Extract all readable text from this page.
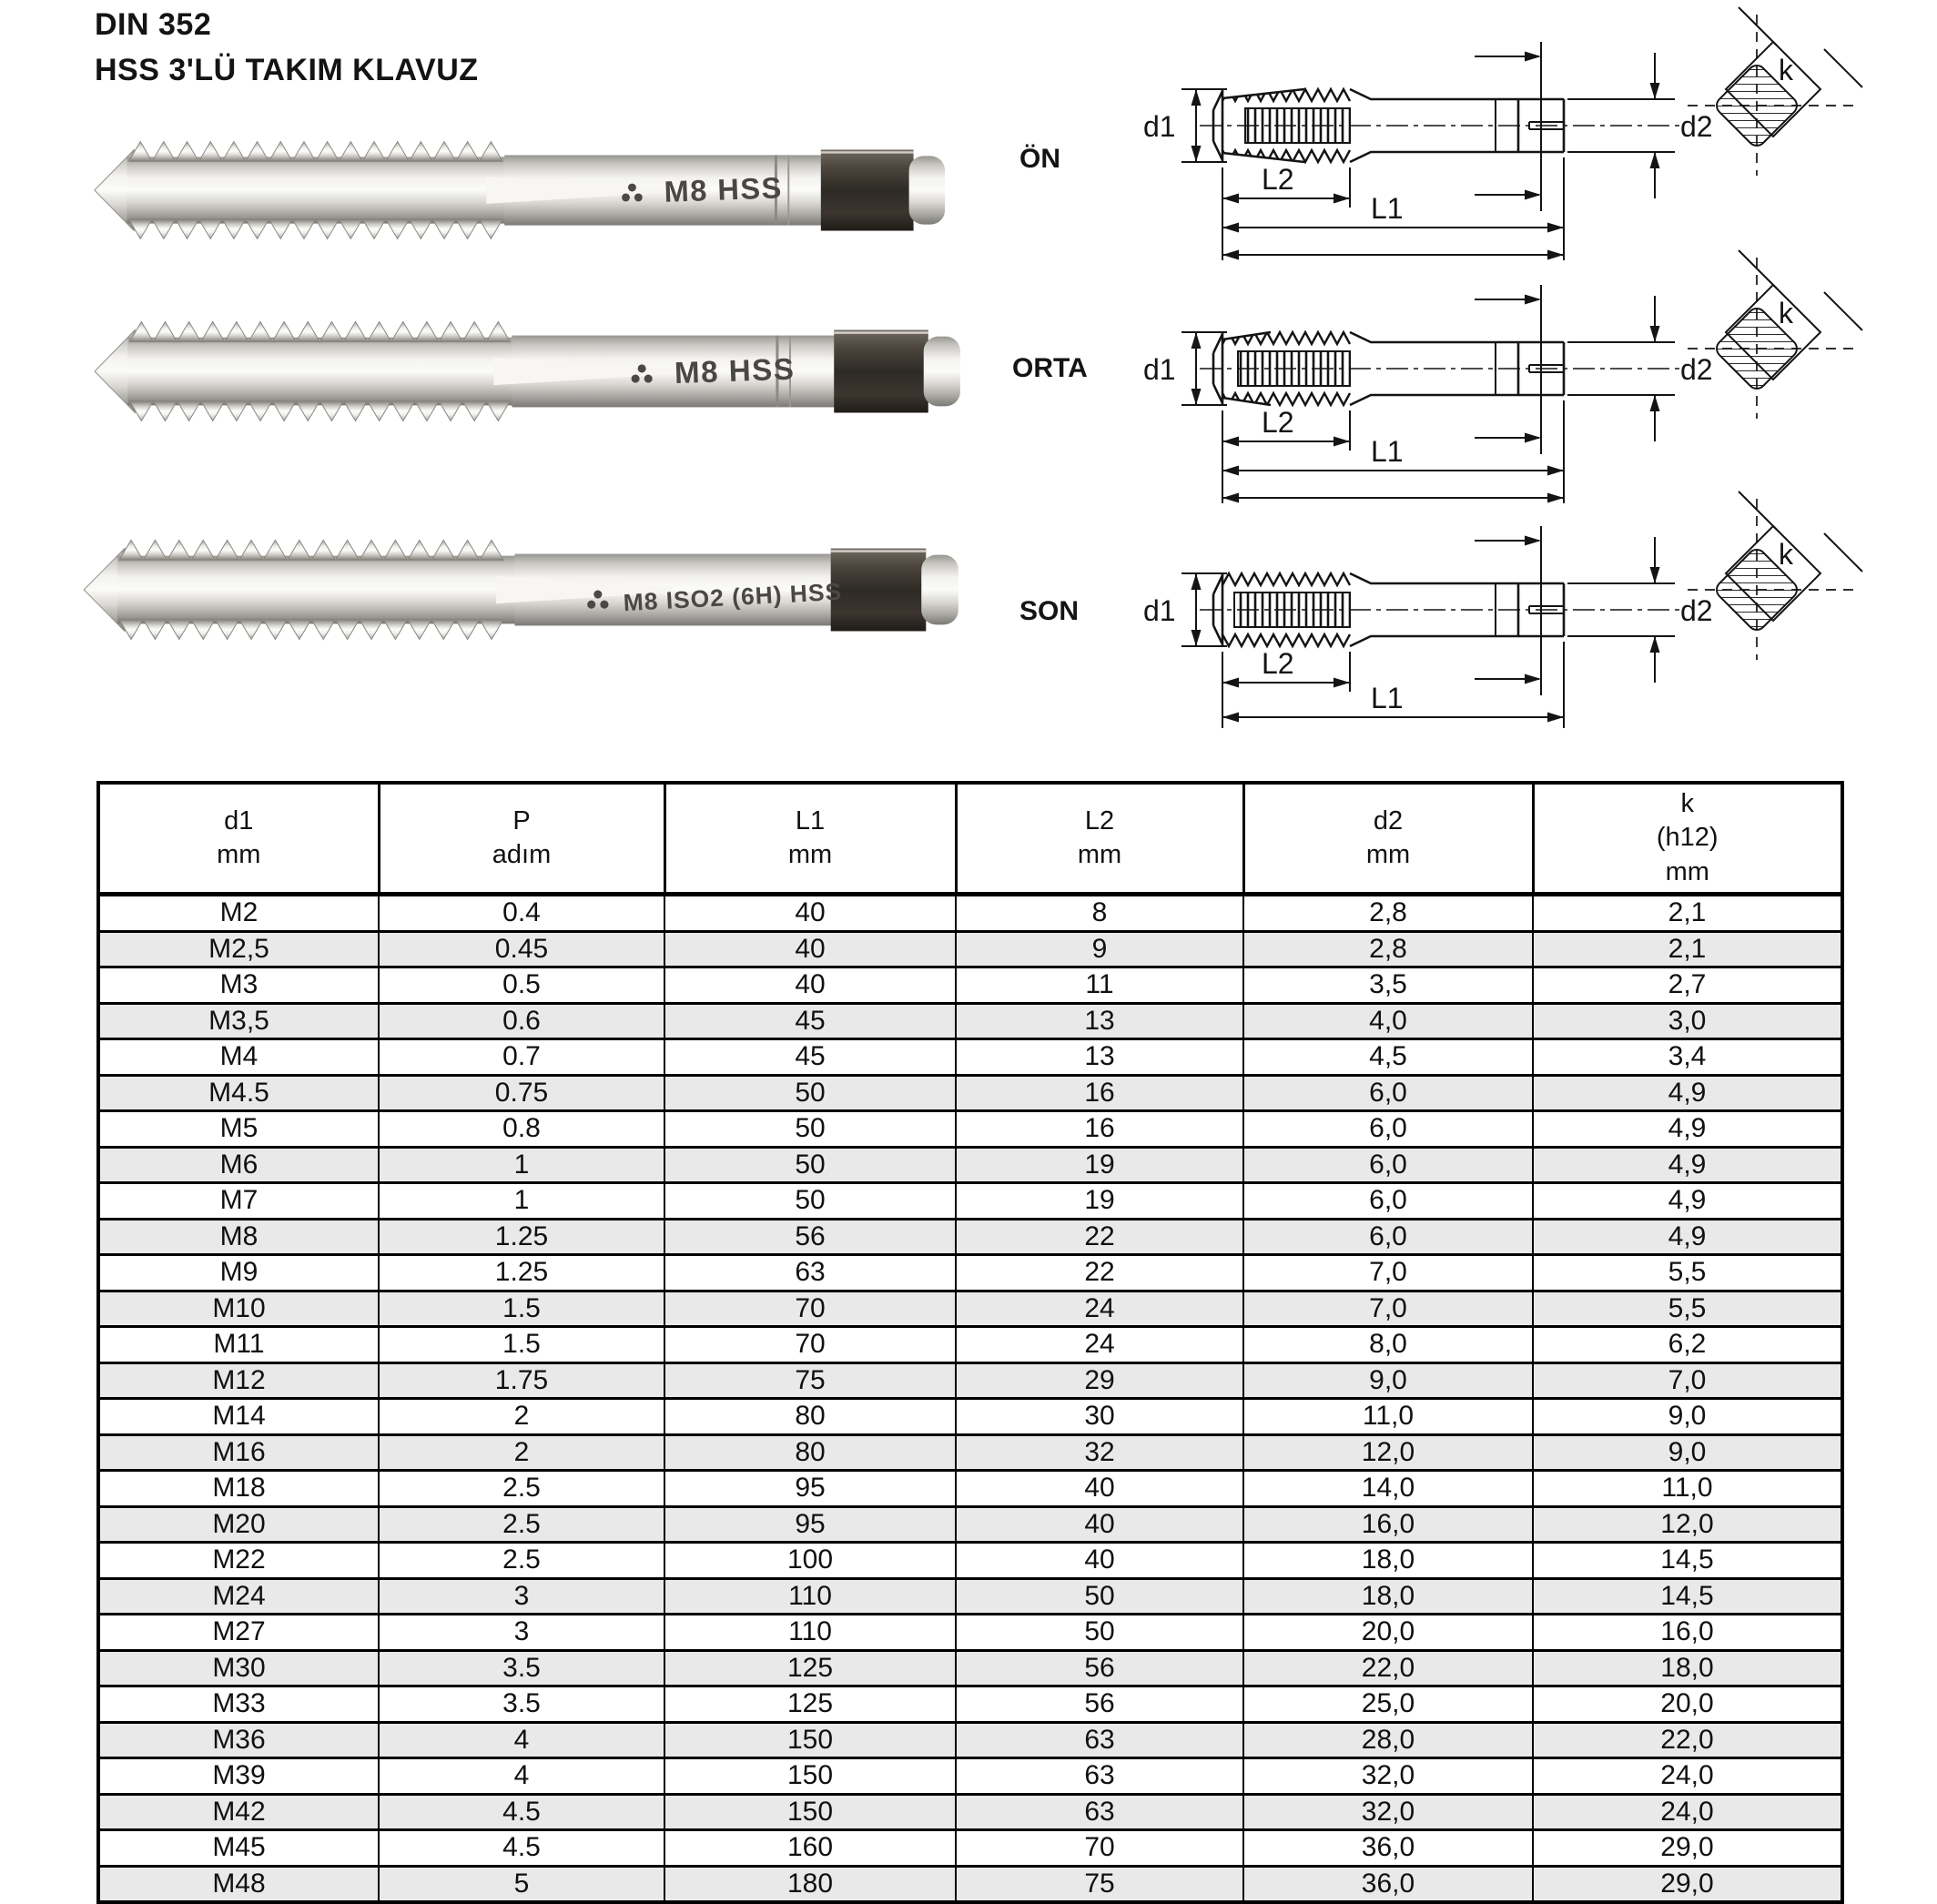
DIN 352
HSS 3'LÜ TAKIM KLAVUZ
M8 HSS
M8 HSS
M8 ISO2 (6H) HSS
ÖN
ORTA
SON
d1
L2
L1
d2
k
d1
L2
L1
d2
k
d1
L2
L1
d2
k
d1
mm

P
adım

L1
mm

L2
mm

d2
mm

k
(h12)
mm

M2	0.4	40	8	2,8	2,1
M2,5	0.45	40	9	2,8	2,1
M3	0.5	40	11	3,5	2,7
M3,5	0.6	45	13	4,0	3,0
M4	0.7	45	13	4,5	3,4
M4.5	0.75	50	16	6,0	4,9
M5	0.8	50	16	6,0	4,9
M6	1	50	19	6,0	4,9
M7	1	50	19	6,0	4,9
M8	1.25	56	22	6,0	4,9
M9	1.25	63	22	7,0	5,5
M10	1.5	70	24	7,0	5,5
M11	1.5	70	24	8,0	6,2
M12	1.75	75	29	9,0	7,0
M14	2	80	30	11,0	9,0
M16	2	80	32	12,0	9,0
M18	2.5	95	40	14,0	11,0
M20	2.5	95	40	16,0	12,0
M22	2.5	100	40	18,0	14,5
M24	3	110	50	18,0	14,5
M27	3	110	50	20,0	16,0
M30	3.5	125	56	22,0	18,0
M33	3.5	125	56	25,0	20,0
M36	4	150	63	28,0	22,0
M39	4	150	63	32,0	24,0
M42	4.5	150	63	32,0	24,0
M45	4.5	160	70	36,0	29,0
M48	5	180	75	36,0	29,0
